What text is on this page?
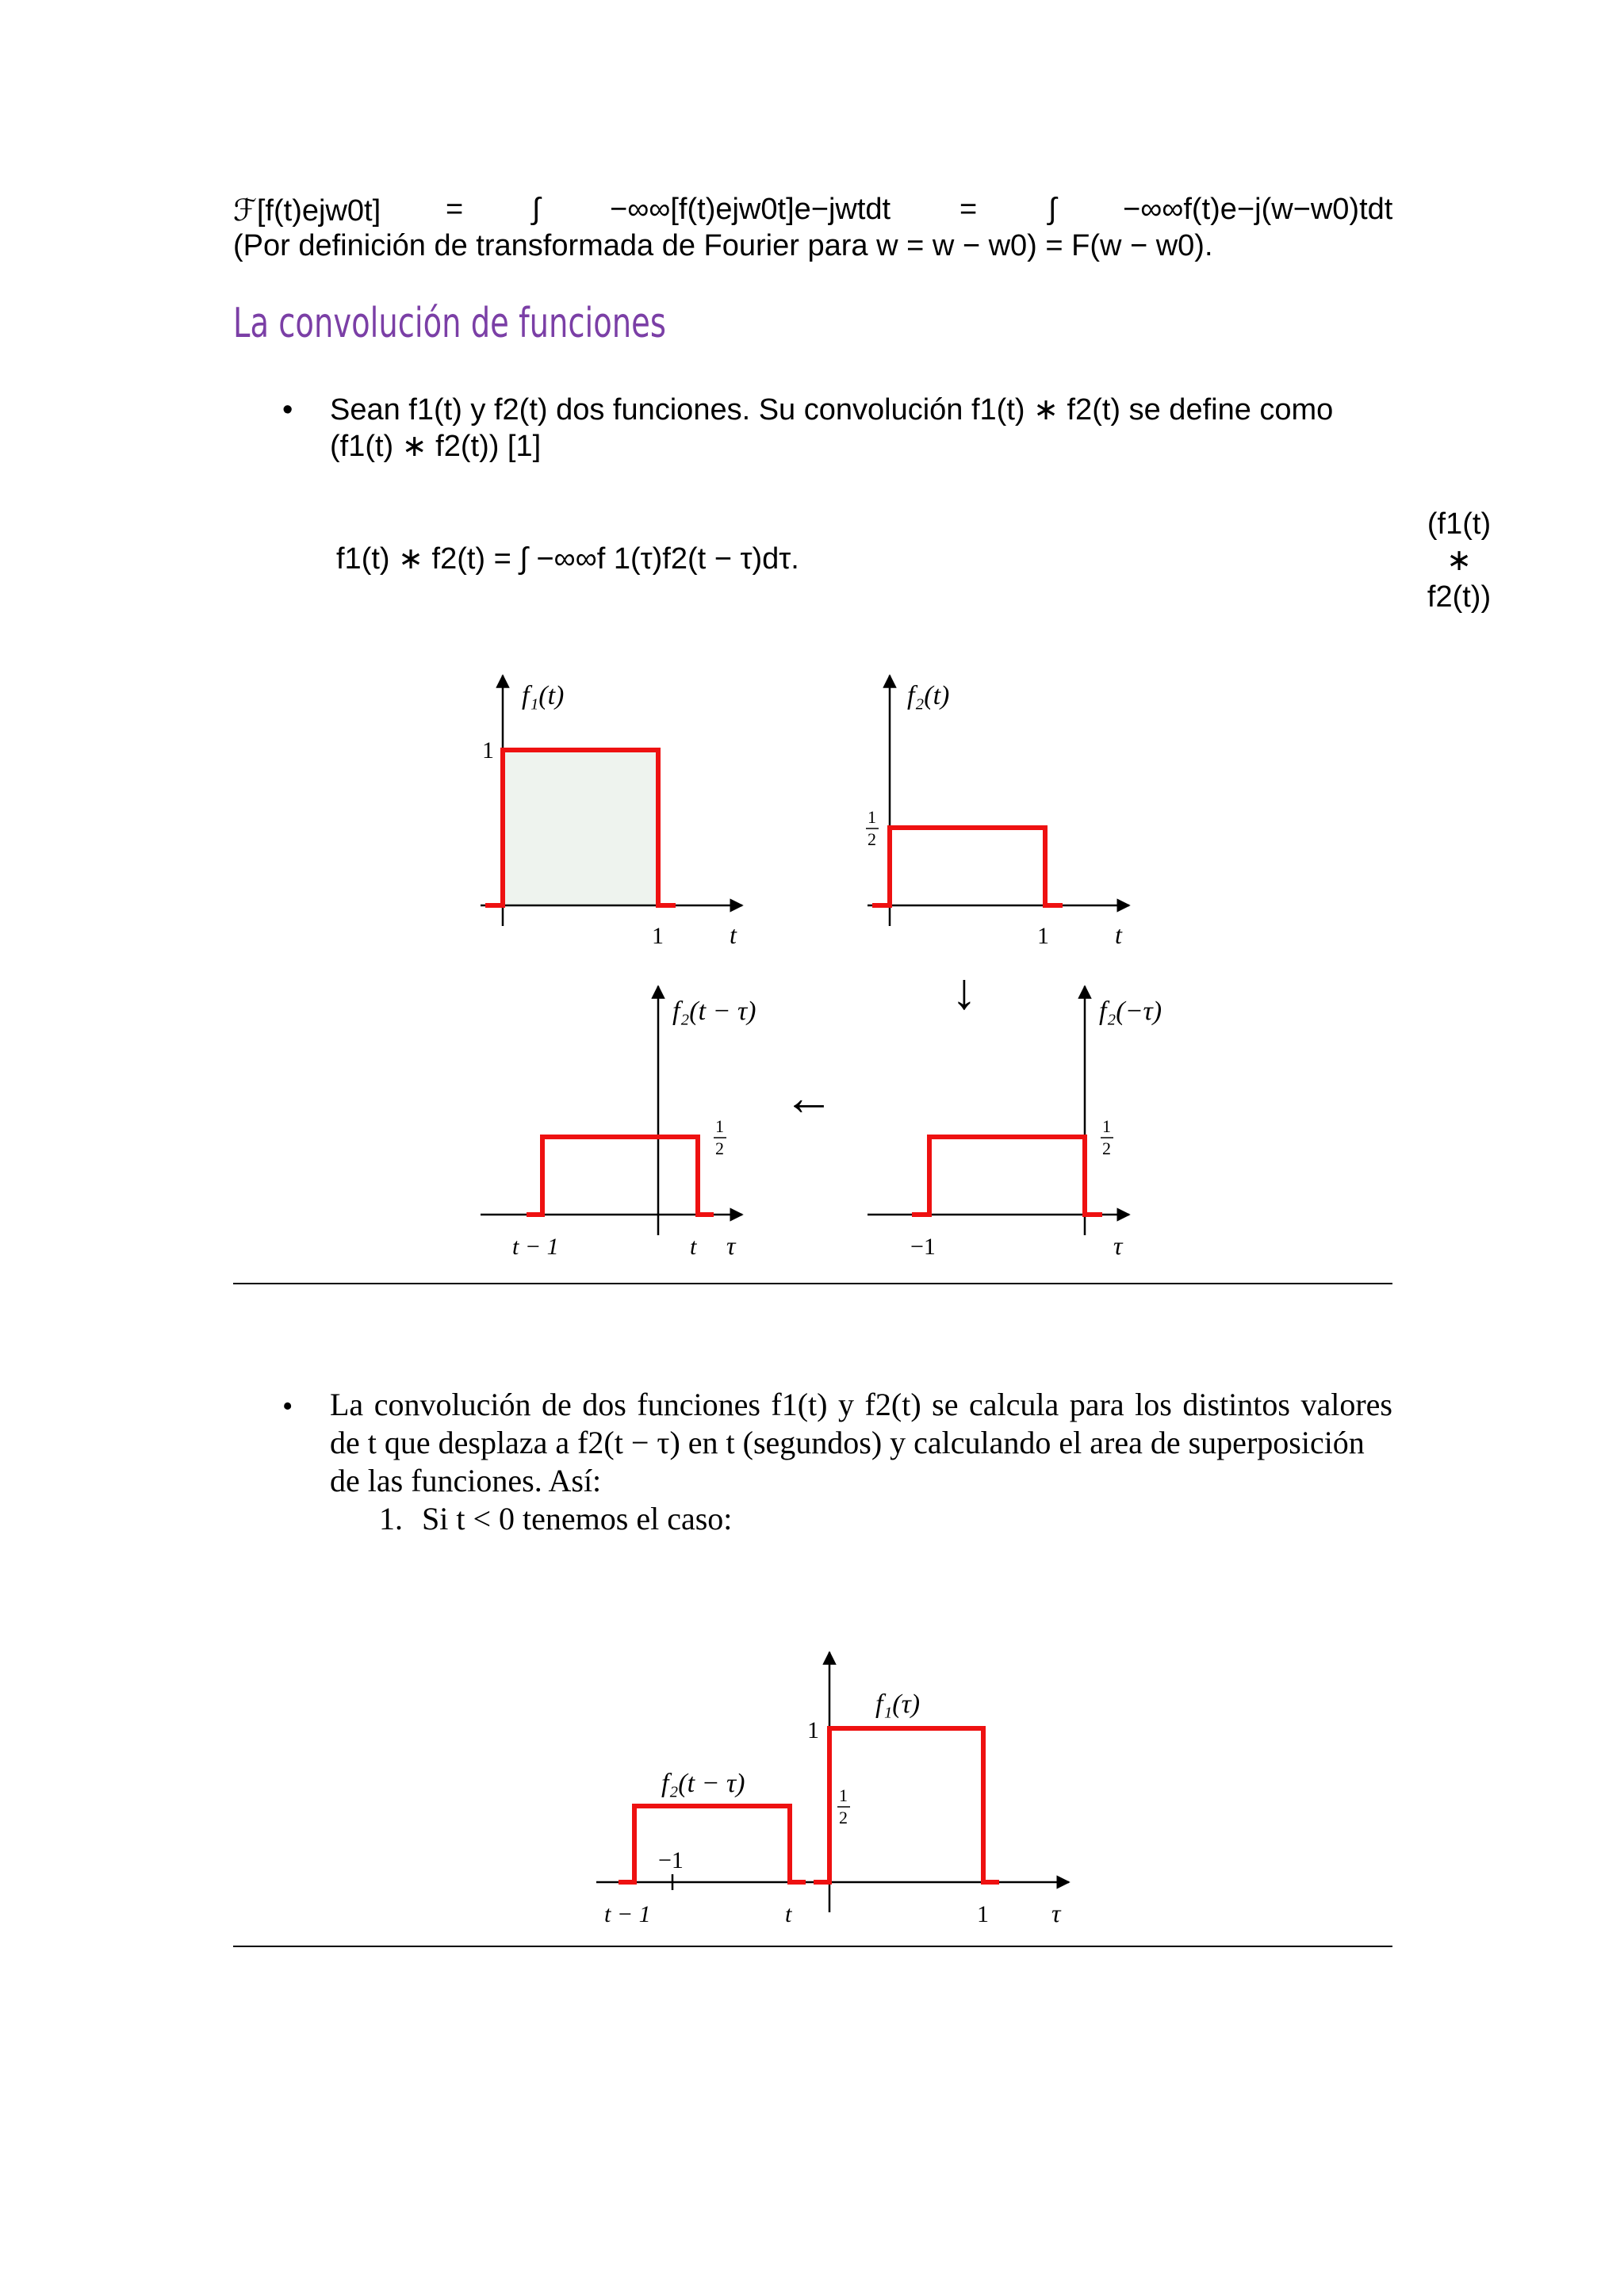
ℱ[f(t)ejw0t] = ∫ −∞∞[f(t)ejw0t]e−jwtdt = ∫ −∞∞f(t)e−j(w−w0)tdt
(Por definición de transformada de Fourier para w = w − w0) = F(w − w0).
La convolución de funciones
• Sean f1(t) y f2(t) dos funciones. Su convolución f1(t) ∗ f2(t) se define como (f1(t) ∗ f2(t)) [1]
f1(t) ∗ f2(t) = ∫ −∞∞f 1(τ)f2(t − τ)dτ.
(f1(t)
∗
f2(t))
f₁(t)
1
1	t
f₂(t)
1
2
1	t
↓
←
f₂(t − τ)
1
2
t − 1	t τ
f₂(−τ)
1
2
−1	τ
• La convolución de dos funciones f1(t) y f2(t) se calcula para los distintos valores de t que desplaza a f2(t − τ) en t (segundos) y calculando el area de superposición
de las funciones. Así:
1. Si t < 0 tenemos el caso:
f₁(τ)
f₂(t − τ)
1
1
2
−1
t − 1	t	1 τ
